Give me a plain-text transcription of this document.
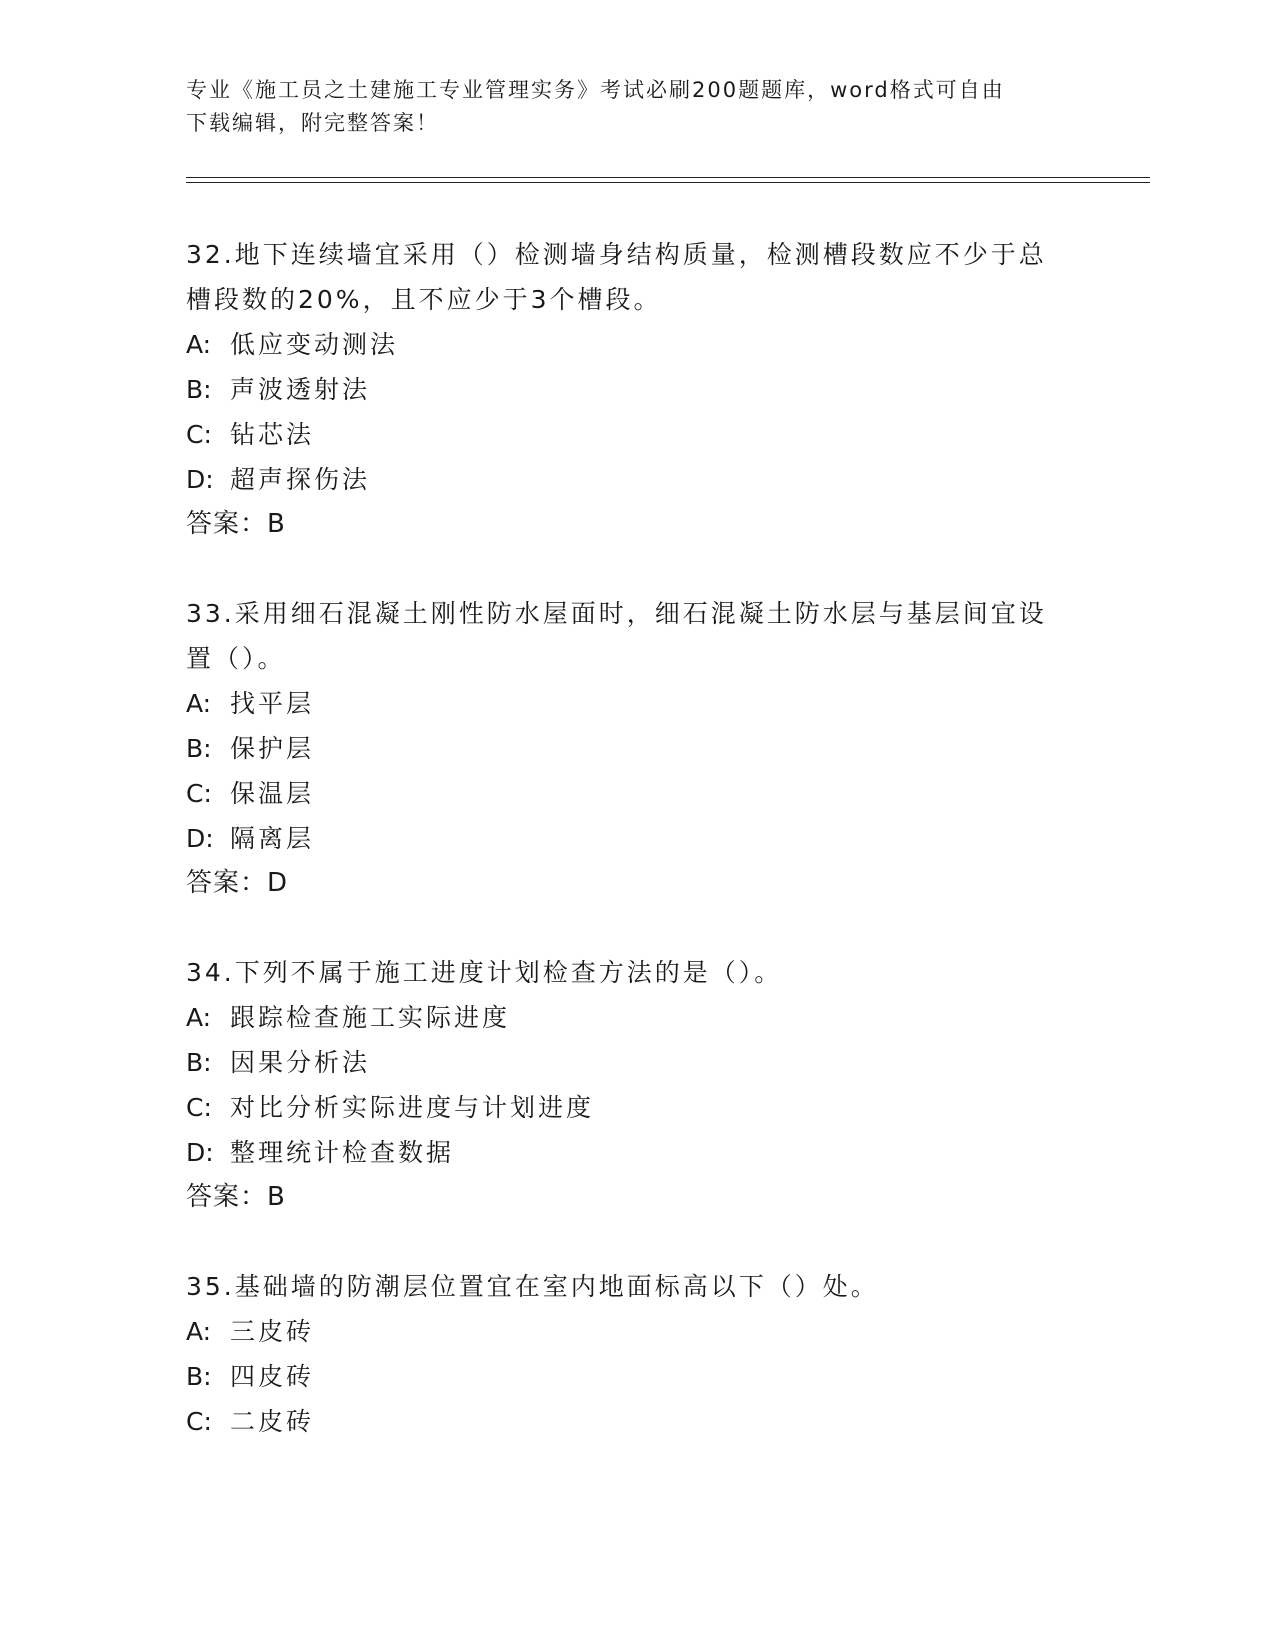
专业《施工员之土建施工专业管理实务》考试必刷200题题库，word格式可自由
下载编辑，附完整答案！

32.地下连续墙宜采用（）检测墙身结构质量，检测槽段数应不少于总槽段数的20%，且不应少于3个槽段。

A: 低应变动测法

B: 声波透射法

C: 钻芯法

D: 超声探伤法

答案：B

33.采用细石混凝土刚性防水屋面时，细石混凝土防水层与基层间宜设置（）。

A: 找平层

B: 保护层

C: 保温层

D: 隔离层

答案：D

34.下列不属于施工进度计划检查方法的是（）。

A: 跟踪检查施工实际进度

B: 因果分析法

C: 对比分析实际进度与计划进度

D: 整理统计检查数据

答案：B

35.基础墙的防潮层位置宜在室内地面标高以下（）处。

A: 三皮砖

B: 四皮砖

C: 二皮砖
